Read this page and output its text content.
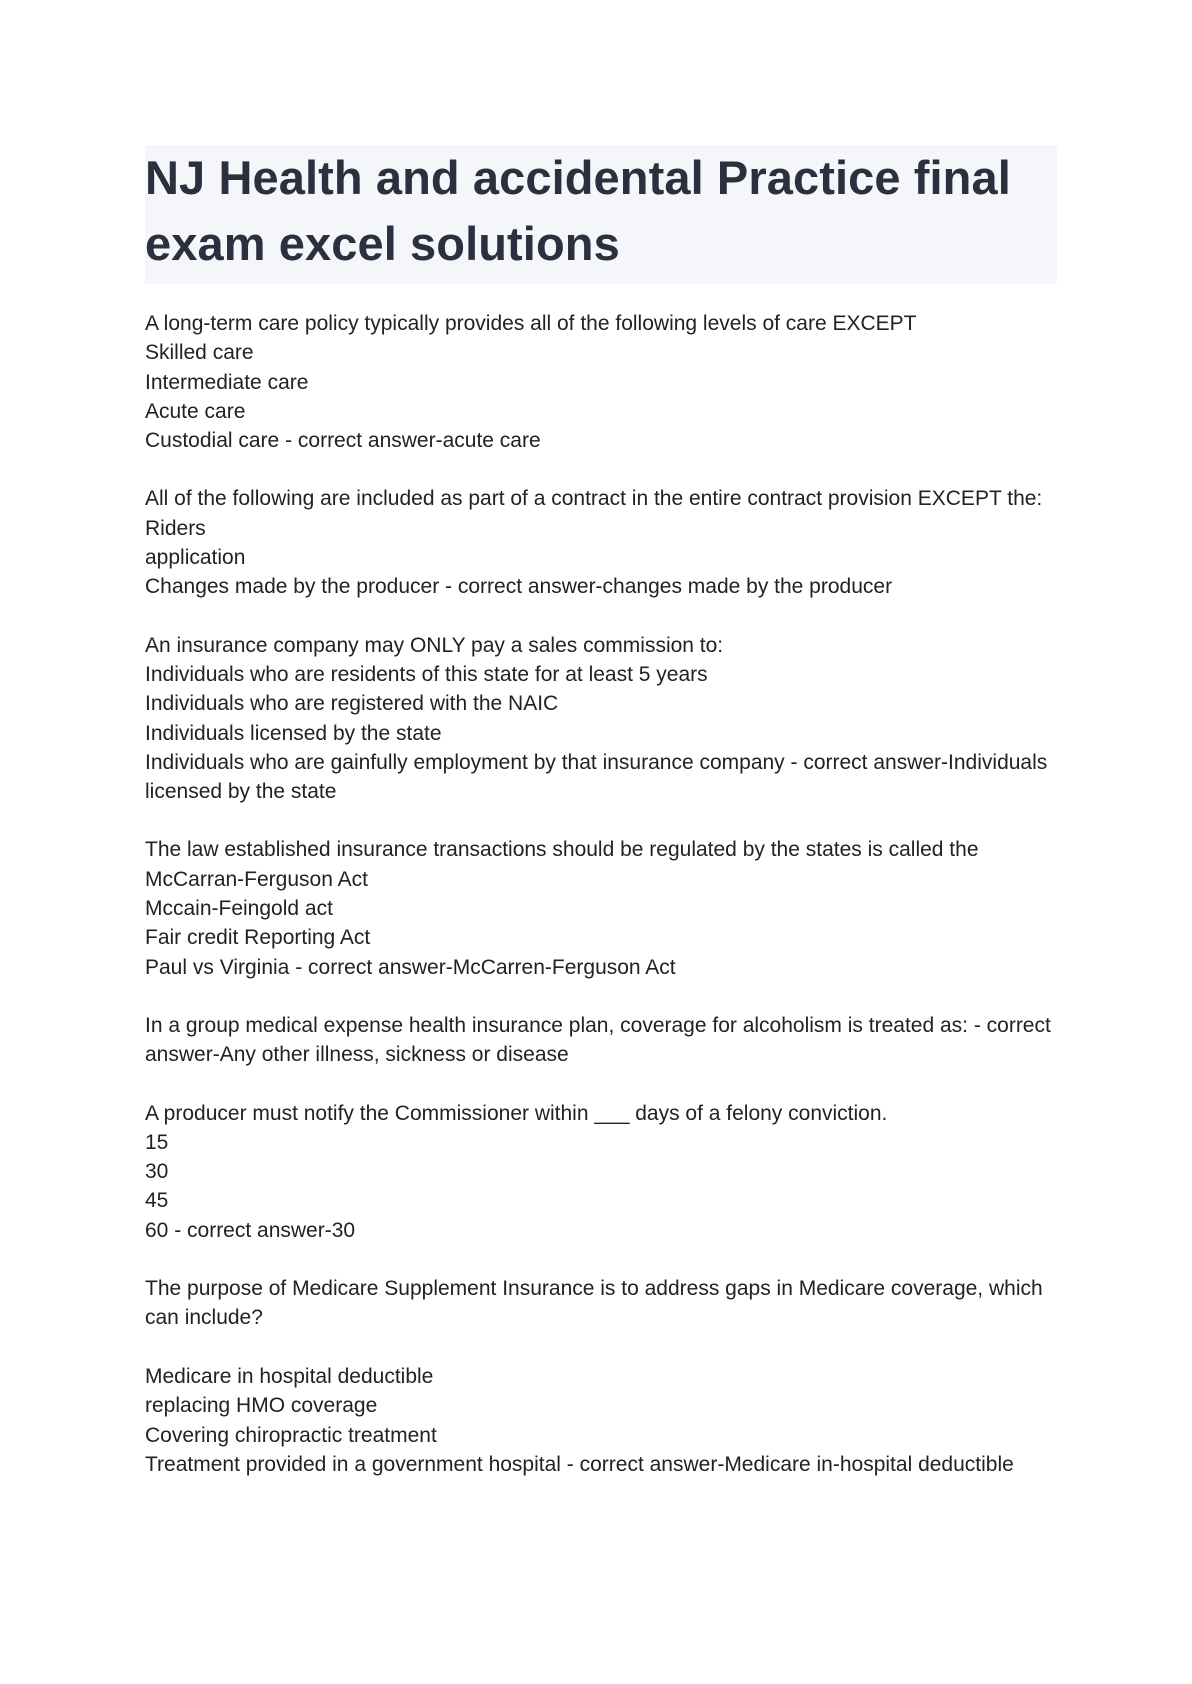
NJ Health and accidental Practice final exam excel solutions
A long-term care policy typically provides all of the following levels of care EXCEPT
Skilled care
Intermediate care
Acute care
Custodial care - correct answer-acute care
All of the following are included as part of a contract in the entire contract provision EXCEPT the:
Riders
application
Changes made by the producer - correct answer-changes made by the producer
An insurance company may ONLY pay a sales commission to:
Individuals who are residents of this state for at least 5 years
Individuals who are registered with the NAIC
Individuals licensed by the state
Individuals who are gainfully employment by that insurance company - correct answer-Individuals licensed by the state
The law established insurance transactions should be regulated by the states is called the
McCarran-Ferguson Act
Mccain-Feingold act
Fair credit Reporting Act
Paul vs Virginia - correct answer-McCarren-Ferguson Act
In a group medical expense health insurance plan, coverage for alcoholism is treated as: - correct answer-Any other illness, sickness or disease
A producer must notify the Commissioner within ___ days of a felony conviction.
15
30
45
60 - correct answer-30
The purpose of Medicare Supplement Insurance is to address gaps in Medicare coverage, which can include?
Medicare in hospital deductible
replacing HMO coverage
Covering chiropractic treatment
Treatment provided in a government hospital - correct answer-Medicare in-hospital deductible
